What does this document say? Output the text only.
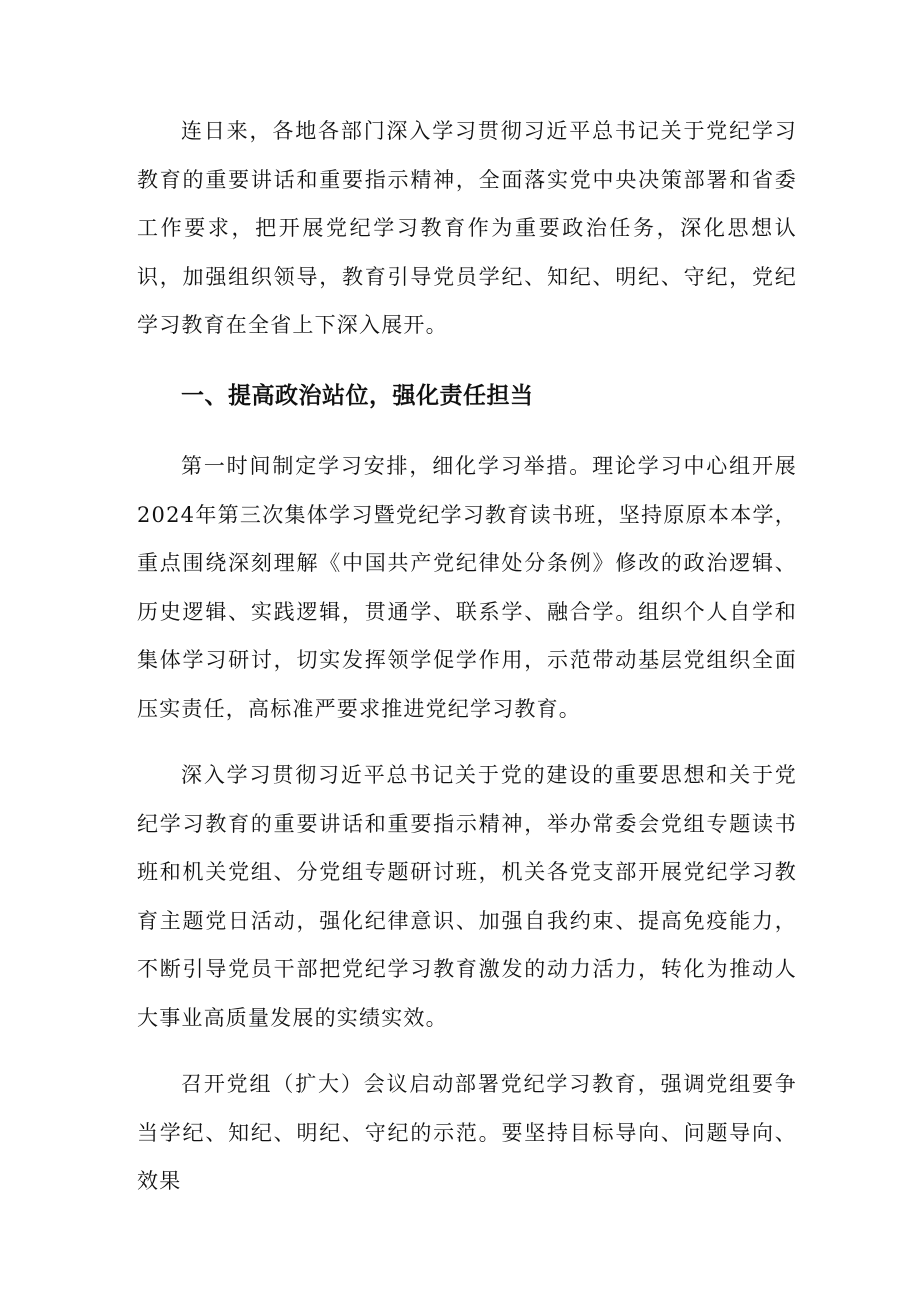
连日来，各地各部门深入学习贯彻习近平总书记关于党纪学习教育的重要讲话和重要指示精神，全面落实党中央决策部署和省委工作要求，把开展党纪学习教育作为重要政治任务，深化思想认识，加强组织领导，教育引导党员学纪、知纪、明纪、守纪，党纪学习教育在全省上下深入展开。

一、提高政治站位，强化责任担当

第一时间制定学习安排，细化学习举措。理论学习中心组开展2024年第三次集体学习暨党纪学习教育读书班，坚持原原本本学，重点围绕深刻理解《中国共产党纪律处分条例》修改的政治逻辑、历史逻辑、实践逻辑，贯通学、联系学、融合学。组织个人自学和集体学习研讨，切实发挥领学促学作用，示范带动基层党组织全面压实责任，高标准严要求推进党纪学习教育。

深入学习贯彻习近平总书记关于党的建设的重要思想和关于党纪学习教育的重要讲话和重要指示精神，举办常委会党组专题读书班和机关党组、分党组专题研讨班，机关各党支部开展党纪学习教育主题党日活动，强化纪律意识、加强自我约束、提高免疫能力，不断引导党员干部把党纪学习教育激发的动力活力，转化为推动人大事业高质量发展的实绩实效。

召开党组（扩大）会议启动部署党纪学习教育，强调党组要争当学纪、知纪、明纪、守纪的示范。要坚持目标导向、问题导向、效果
